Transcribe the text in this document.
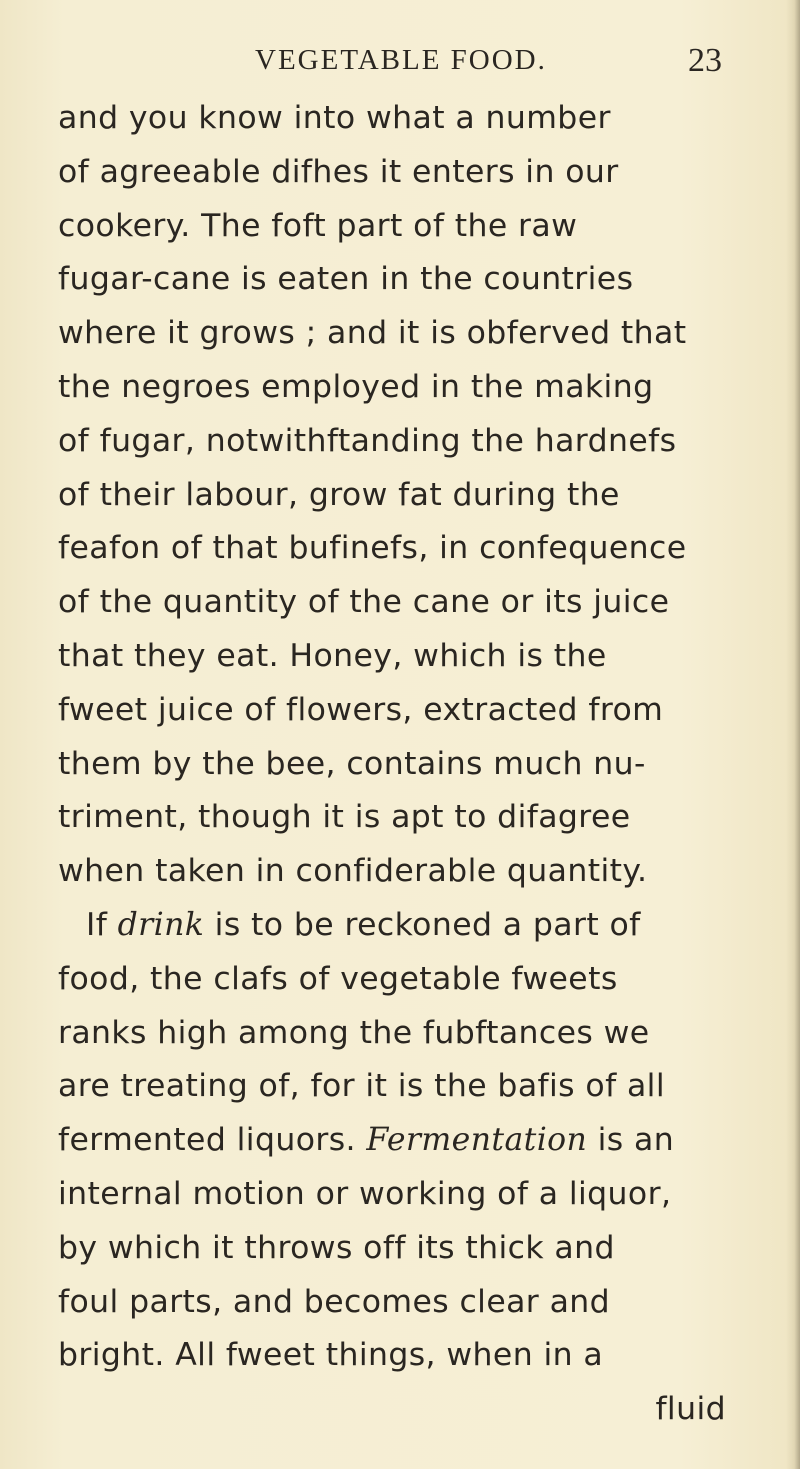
VEGETABLE FOOD.	23
and you know into what a number
of agreeable difhes it enters in our
cookery. The foft part of the raw
fugar-cane is eaten in the countries
where it grows ; and it is obferved that
the negroes employed in the making
of fugar, notwithftanding the hardnefs
of their labour, grow fat during the
feafon of that bufinefs, in confequence
of the quantity of the cane or its juice
that they eat. Honey, which is the
fweet juice of flowers, extracted from
them by the bee, contains much nu-
triment, though it is apt to difagree
when taken in confiderable quantity.
If drink is to be reckoned a part of
food, the clafs of vegetable fweets
ranks high among the fubftances we
are treating of, for it is the bafis of all
fermented liquors. Fermentation is an
internal motion or working of a liquor,
by which it throws off its thick and
foul parts, and becomes clear and
bright. All fweet things, when in a
fluid
